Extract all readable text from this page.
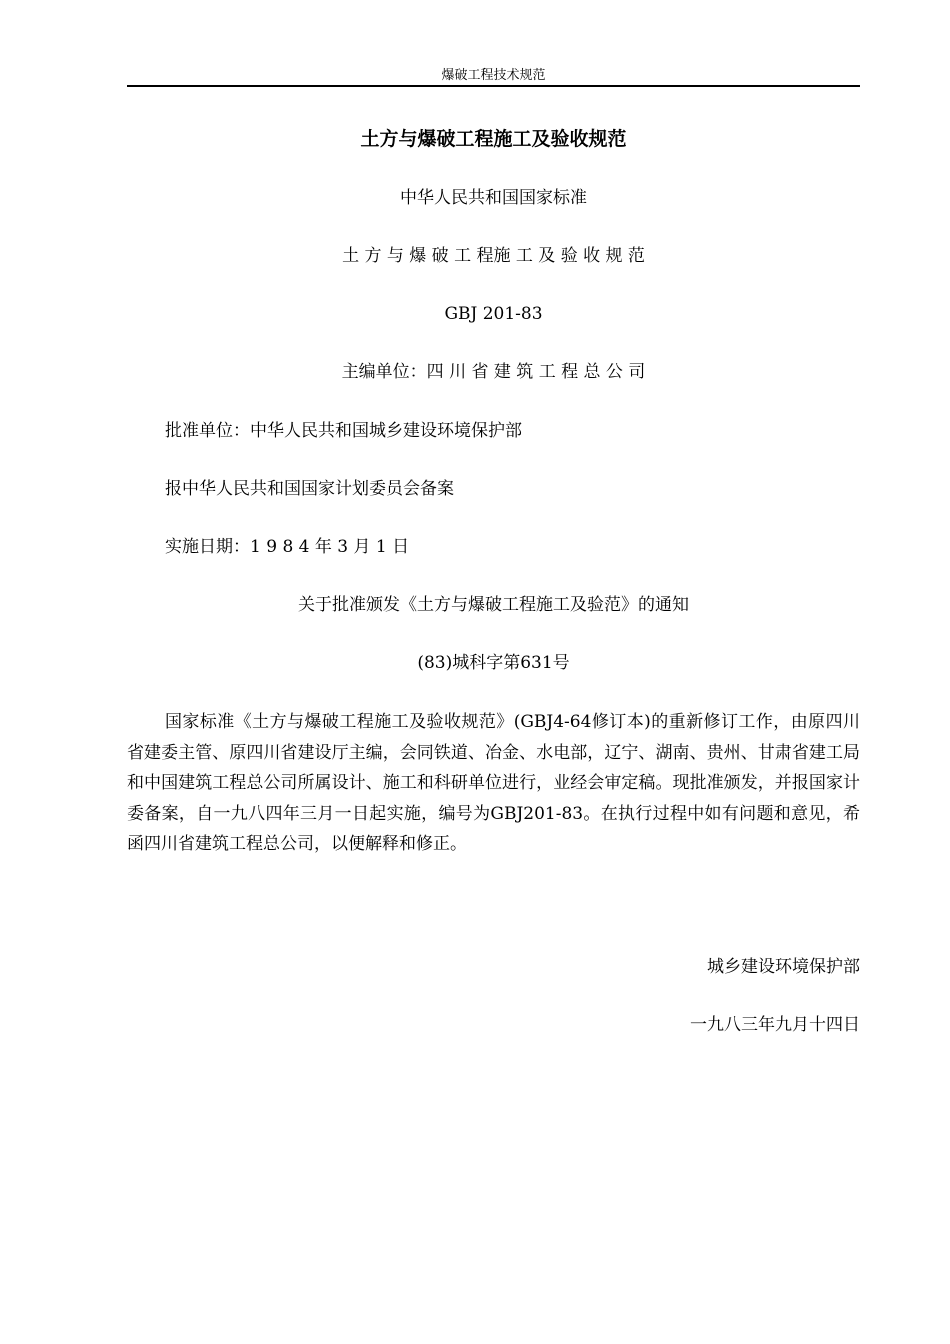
爆破工程技术规范
土方与爆破工程施工及验收规范
中华人民共和国国家标准
土 方 与 爆 破 工 程施 工 及 验 收 规 范
GBJ 201-83
主编单位：四 川 省 建 筑 工 程 总 公 司
批准单位：中华人民共和国城乡建设环境保护部
报中华人民共和国国家计划委员会备案
实施日期：1 9 8 4 年 3 月 1 日
关于批准颁发《土方与爆破工程施工及验范》的通知
(83)城科字第631号
国家标准《土方与爆破工程施工及验收规范》(GBJ4-64修订本)的重新修订工作，由原四川省建委主管、原四川省建设厅主编，会同铁道、冶金、水电部，辽宁、湖南、贵州、甘肃省建工局和中国建筑工程总公司所属设计、施工和科研单位进行，业经会审定稿。现批准颁发，并报国家计委备案，自一九八四年三月一日起实施，编号为GBJ201-83。在执行过程中如有问题和意见，希函四川省建筑工程总公司，以便解释和修正。
城乡建设环境保护部
一九八三年九月十四日
